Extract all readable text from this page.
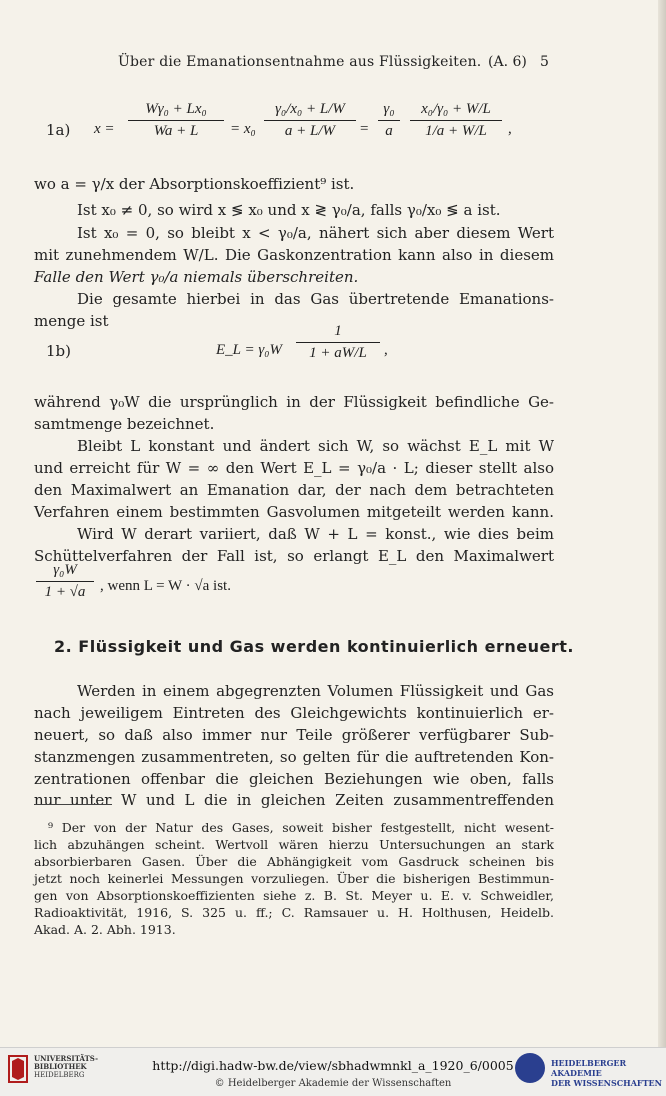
Über die Emanationsentnahme aus Flüssigkeiten. (A. 6) 5
1a) $x = \frac{\text{Wγ₀ + Lx₀}}{Wa + L} = x_0 \frac{\text{γ₀/x₀ + L/W}}{a + L/W} = \frac{\text{γ₀}}{a} \frac{\text{x₀/γ₀ + W/L}}{1/a + W/L}$ ,
wo a = γ/x der Absorptionskoeffizient⁹ ist.
Ist x₀ ≠ 0, so wird x ≶ x₀ und x ≷ γ₀/a, falls γ₀/x₀ ≶ a ist.
Ist x₀ = 0, so bleibt x < γ₀/a, nähert sich aber diesem Wert
mit zunehmendem W/L. Die Gaskonzentration kann also in diesem
Falle den Wert γ₀/a niemals überschreiten.
Die gesamte hierbei in das Gas übertretende Emanations-
menge ist
1b)	E_L = $\gamma_0W \frac{1}{1 + aW/L}$ ,
während γ₀W die ursprünglich in der Flüssigkeit befindliche Ge-
samtmenge bezeichnet.
Bleibt L konstant und ändert sich W, so wächst E_L mit W
und erreicht für W = ∞ den Wert E_L = γ₀/a · L; dieser stellt also
den Maximalwert an Emanation dar, der nach dem betrachteten
Verfahren einem bestimmten Gasvolumen mitgeteilt werden kann.
Wird W derart variiert, daß W + L = konst., wie dies beim
Schüttelverfahren der Fall ist, so erlangt E_L den Maximalwert
$\frac{\text{γ₀W}}{1 + √a}$ , wenn L = W · √a ist.
2. Flüssigkeit und Gas werden kontinuierlich erneuert.
Werden in einem abgegrenzten Volumen Flüssigkeit und Gas
nach jeweiligem Eintreten des Gleichgewichts kontinuierlich er-
neuert, so daß also immer nur Teile größerer verfügbarer Sub-
stanzmengen zusammentreten, so gelten für die auftretenden Kon-
zentrationen offenbar die gleichen Beziehungen wie oben, falls
nur unter W und L die in gleichen Zeiten zusammentreffenden
⁹ Der von der Natur des Gases, soweit bisher festgestellt, nicht wesent-
lich abzuhängen scheint. Wertvoll wären hierzu Untersuchungen an stark
absorbierbaren Gasen. Über die Abhängigkeit vom Gasdruck scheinen bis
jetzt noch keinerlei Messungen vorzuliegen. Über die bisherigen Bestimmun-
gen von Absorptionskoeffizienten siehe z. B. St. Meyer u. E. v. Schweidler,
Radioaktivität, 1916, S. 325 u. ff.; C. Ramsauer u. H. Holthusen, Heidelb.
Akad. A. 2. Abh. 1913.
UNIVERSITÄTS-
BIBLIOTHEK
HEIDELBERG
http://digi.hadw-bw.de/view/sbhadwmnkl_a_1920_6/0005
© Heidelberger Akademie der Wissenschaften
HEIDELBERGER AKADEMIE
DER WISSENSCHAFTEN
